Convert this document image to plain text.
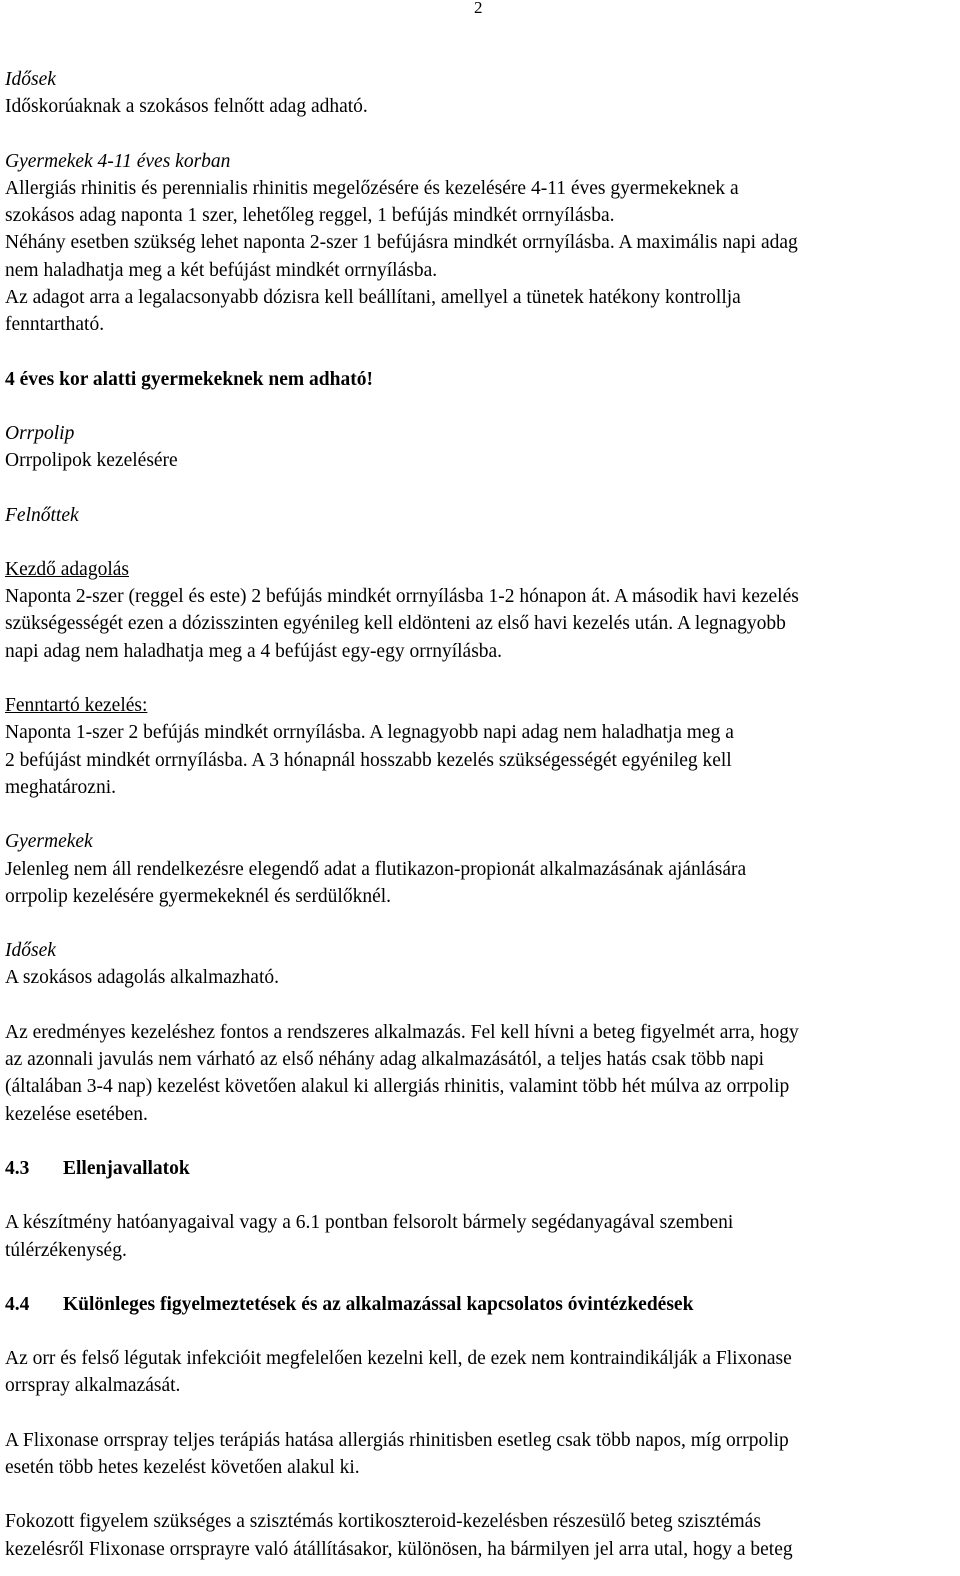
2

Idősek

Időskorúaknak a szokásos felnőtt adag adható.

Gyermekek 4-11 éves korban

Allergiás rhinitis és perennialis rhinitis megelőzésére és kezelésére 4-11 éves gyermekeknek a

szokásos adag naponta 1 szer, lehetőleg reggel, 1 befújás mindkét orrnyílásba.

Néhány esetben szükség lehet naponta 2-szer 1 befújásra mindkét orrnyílásba. A maximális napi adag

nem haladhatja meg a két befújást mindkét orrnyílásba.

Az adagot arra a legalacsonyabb dózisra kell beállítani, amellyel a tünetek hatékony kontrollja

fenntartható.

4 éves kor alatti gyermekeknek nem adható!

Orrpolip

Orrpolipok kezelésére

Felnőttek

Kezdő adagolás

Naponta 2-szer (reggel és este) 2 befújás mindkét orrnyílásba 1-2 hónapon át. A második havi kezelés

szükségességét ezen a dózisszinten egyénileg kell eldönteni az első havi kezelés után. A legnagyobb

napi adag nem haladhatja meg a 4 befújást egy-egy orrnyílásba.

Fenntartó kezelés:

Naponta 1-szer 2 befújás mindkét orrnyílásba. A legnagyobb napi adag nem haladhatja meg a

2 befújást mindkét orrnyílásba. A 3 hónapnál hosszabb kezelés szükségességét egyénileg kell

meghatározni.

Gyermekek

Jelenleg nem áll rendelkezésre elegendő adat a flutikazon-propionát alkalmazásának ajánlására

orrpolip kezelésére gyermekeknél és serdülőknél.

Idősek

A szokásos adagolás alkalmazható.

Az eredményes kezeléshez fontos a rendszeres alkalmazás. Fel kell hívni a beteg figyelmét arra, hogy

az azonnali javulás nem várható az első néhány adag alkalmazásától, a teljes hatás csak több napi

(általában 3-4 nap) kezelést követően alakul ki allergiás rhinitis, valamint több hét múlva az orrpolip

kezelése esetében.

4.3 Ellenjavallatok

A készítmény hatóanyagaival vagy a 6.1 pontban felsorolt bármely segédanyagával szembeni

túlérzékenység.

4.4 Különleges figyelmeztetések és az alkalmazással kapcsolatos óvintézkedések

Az orr és felső légutak infekcióit megfelelően kezelni kell, de ezek nem kontraindikálják a Flixonase

orrspray alkalmazását.

A Flixonase orrspray teljes terápiás hatása allergiás rhinitisben esetleg csak több napos, míg orrpolip

esetén több hetes kezelést követően alakul ki.

Fokozott figyelem szükséges a szisztémás kortikoszteroid-kezelésben részesülő beteg szisztémás

kezelésről Flixonase orrsprayre való átállításakor, különösen, ha bármilyen jel arra utal, hogy a beteg
